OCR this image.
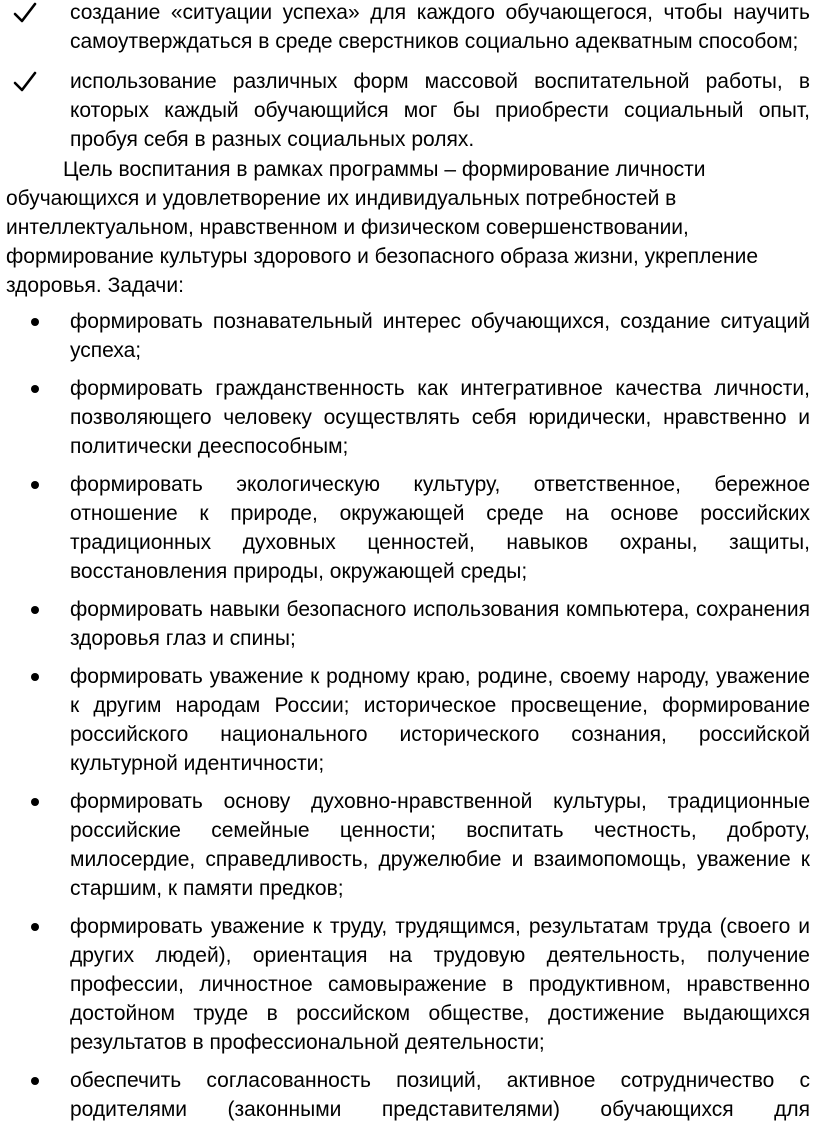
создание «ситуации успеха» для каждого обучающегося, чтобы научить самоутверждаться в среде сверстников социально адекватным способом;
использование различных форм массовой воспитательной работы, в которых каждый обучающийся мог бы приобрести социальный опыт, пробуя себя в разных социальных ролях.

Цель воспитания в рамках программы – формирование личности обучающихся и удовлетворение их индивидуальных потребностей в интеллектуальном, нравственном и физическом совершенствовании, формирование культуры здорового и безопасного образа жизни, укрепление здоровья. Задачи:

формировать познавательный интерес обучающихся, создание ситуаций успеха;
формировать гражданственность как интегративное качества личности, позволяющего человеку осуществлять себя юридически, нравственно и политически дееспособным;
формировать экологическую культуру, ответственное, бережное отношение к природе, окружающей среде на основе российских традиционных духовных ценностей, навыков охраны, защиты, восстановления природы, окружающей среды;
формировать навыки безопасного использования компьютера, сохранения здоровья глаз и спины;
формировать уважение к родному краю, родине, своему народу, уважение к другим народам России; историческое просвещение, формирование российского национального исторического сознания, российской культурной идентичности;
формировать основу духовно-нравственной культуры, традиционные российские семейные ценности; воспитать честность, доброту, милосердие, справедливость, дружелюбие и взаимопомощь, уважение к старшим, к памяти предков;
формировать уважение к труду, трудящимся, результатам труда (своего и других людей), ориентация на трудовую деятельность, получение профессии, личностное самовыражение в продуктивном, нравственно достойном труде в российском обществе, достижение выдающихся результатов в профессиональной деятельности;
обеспечить согласованность позиций, активное сотрудничество с родителями (законными представителями) обучающихся для
